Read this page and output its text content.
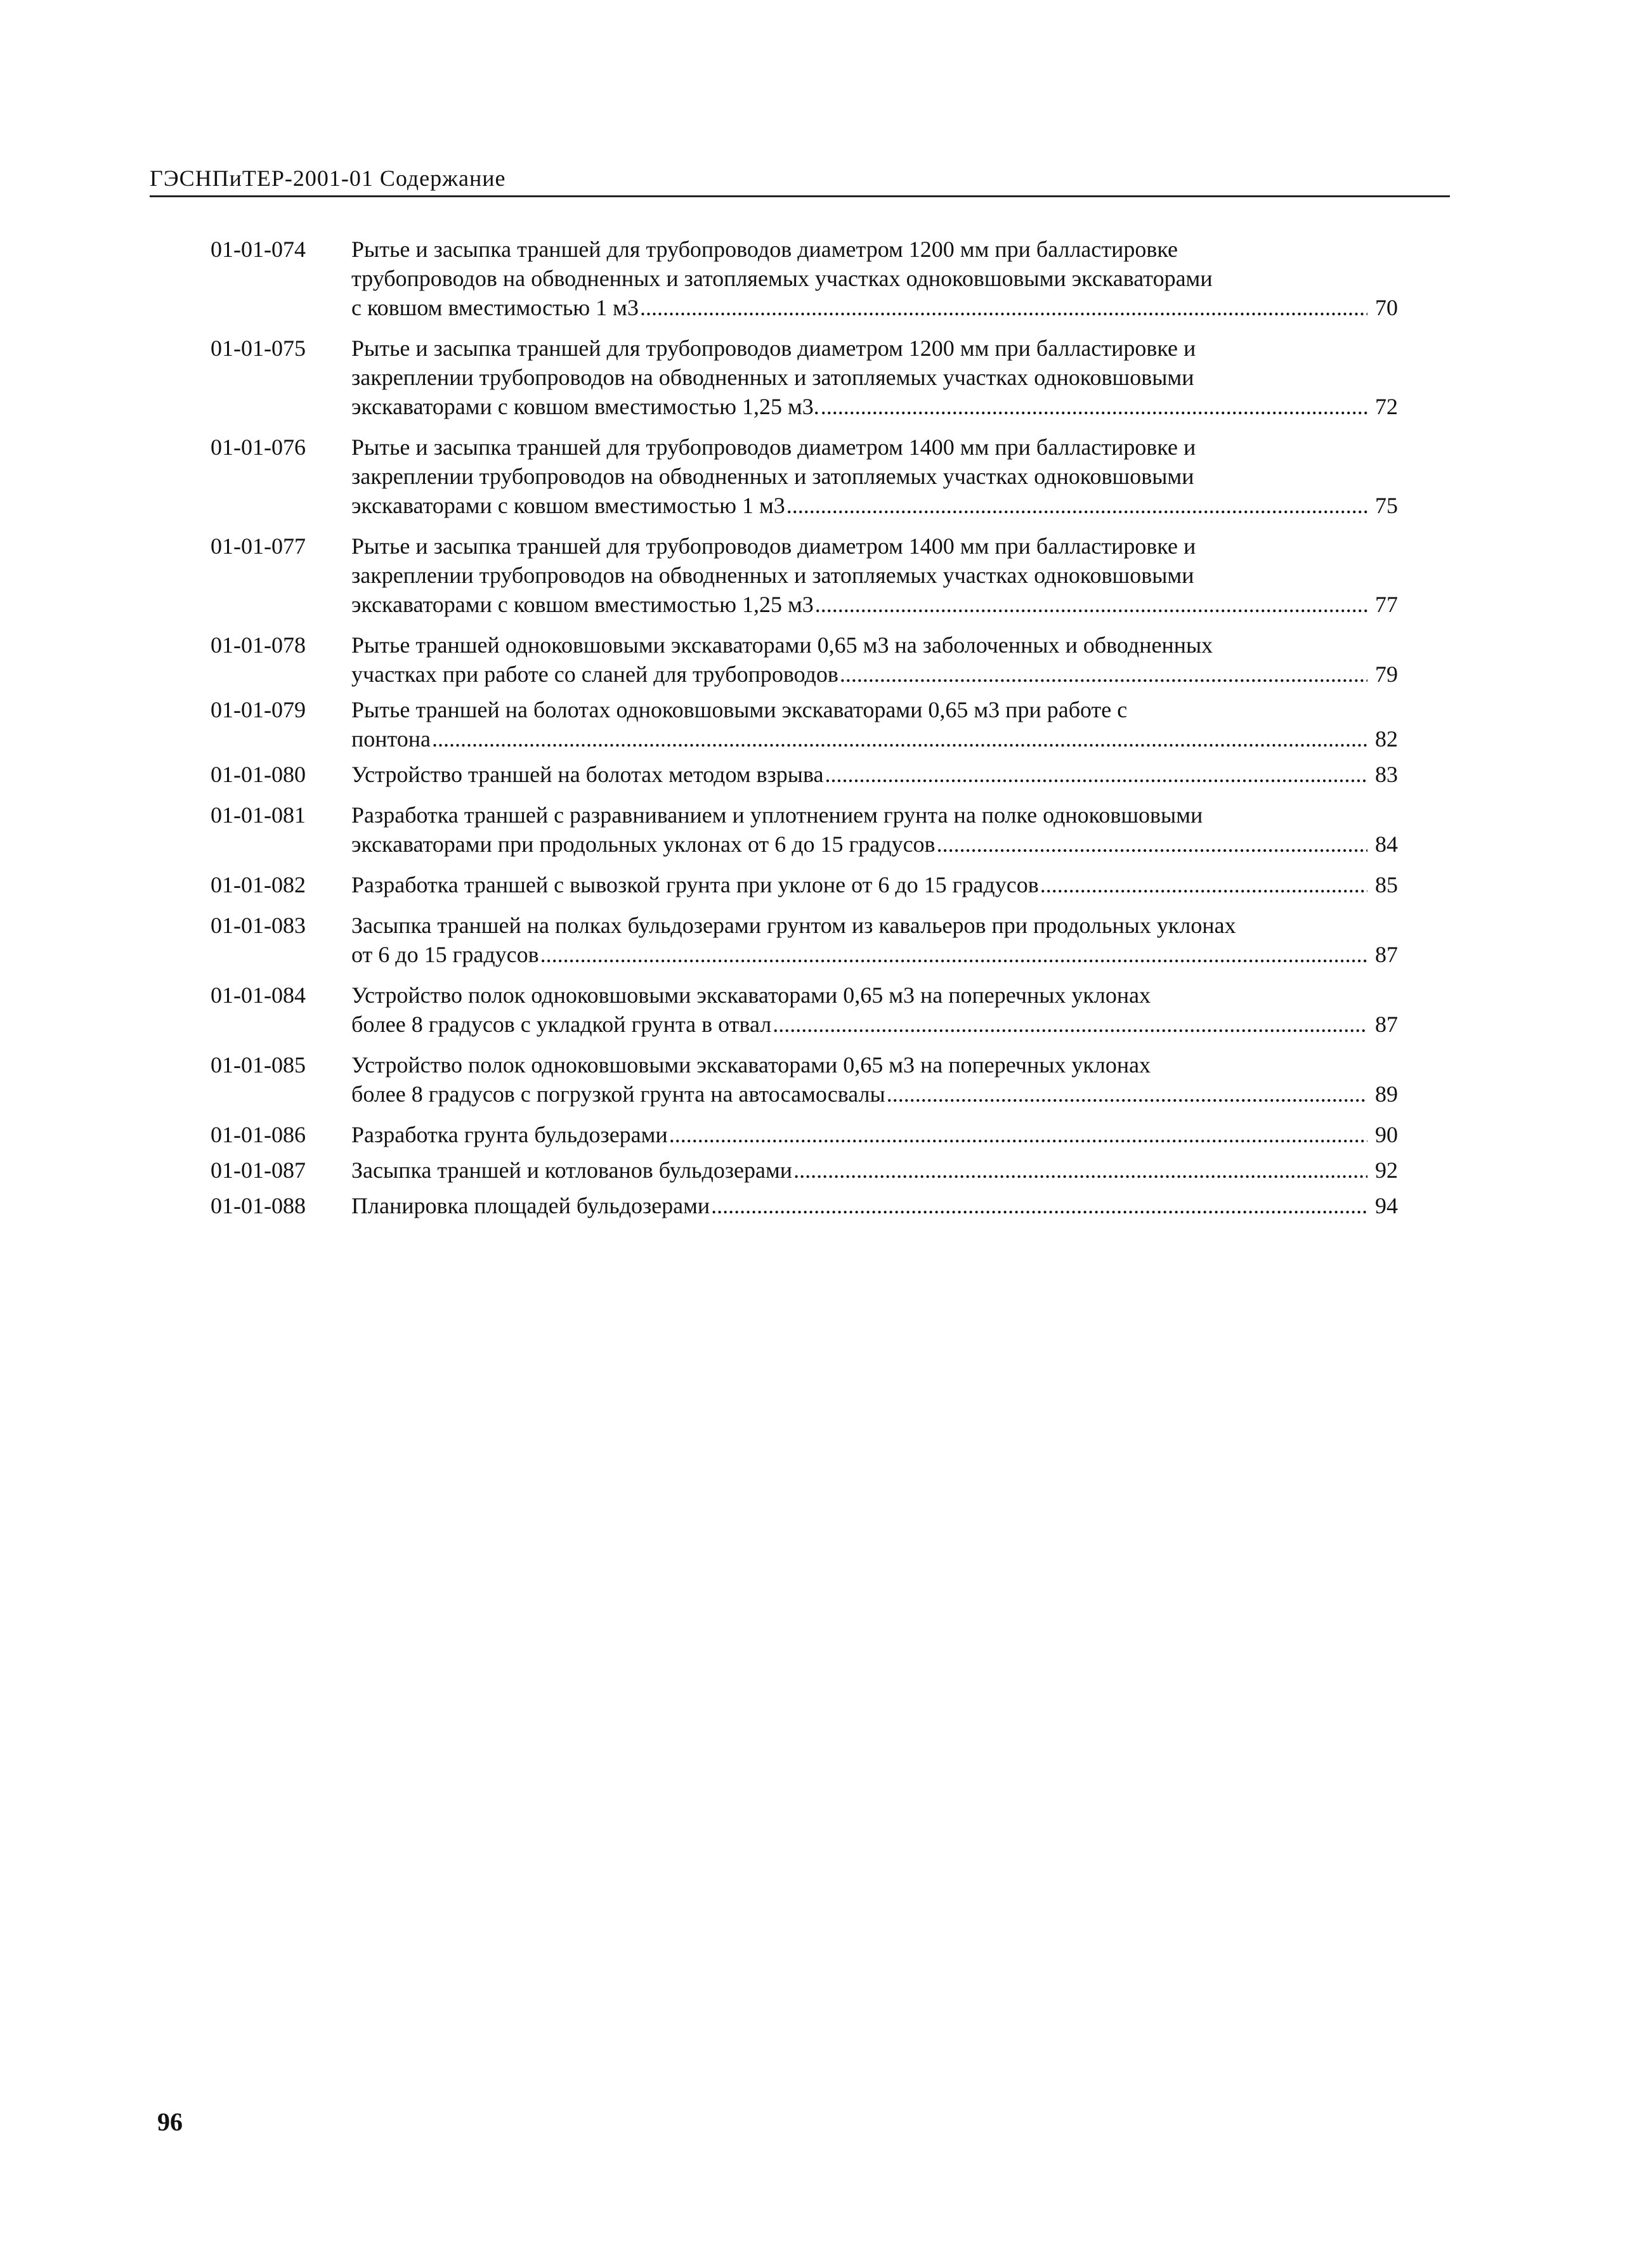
ГЭСНПиТЕР-2001-01 Содержание
01-01-074	Рытье и засыпка траншей для трубопроводов диаметром 1200 мм при балластировке
трубопроводов на обводненных и затопляемых участках одноковшовыми экскаваторами
с ковшом вместимостью 1 м3 .....	70
01-01-075	Рытье и засыпка траншей для трубопроводов диаметром 1200 мм при балластировке и
закреплении трубопроводов на обводненных и затопляемых участках одноковшовыми
экскаваторами с ковшом вместимостью 1,25 м3. .....	72
01-01-076	Рытье и засыпка траншей для трубопроводов диаметром 1400 мм при балластировке и
закреплении трубопроводов на обводненных и затопляемых участках одноковшовыми
экскаваторами с ковшом вместимостью 1 м3 .....	75
01-01-077	Рытье и засыпка траншей для трубопроводов диаметром 1400 мм при балластировке и
закреплении трубопроводов на обводненных и затопляемых участках одноковшовыми
экскаваторами с ковшом вместимостью 1,25 м3 .....	77
01-01-078	Рытье траншей одноковшовыми экскаваторами 0,65 м3 на заболоченных и обводненных
участках при работе со сланей для трубопроводов .....	79
01-01-079	Рытье траншей на болотах одноковшовыми экскаваторами 0,65 м3 при работе с
понтона .....	82
01-01-080	Устройство траншей на болотах методом взрыва .....	83
01-01-081	Разработка траншей с разравниванием и уплотнением грунта на полке одноковшовыми
экскаваторами при продольных уклонах от 6 до 15 градусов .....	84
01-01-082	Разработка траншей с вывозкой грунта при уклоне от 6 до 15 градусов .....	85
01-01-083	Засыпка траншей на полках бульдозерами грунтом из кавальеров при продольных уклонах
от 6 до 15 градусов .....	87
01-01-084	Устройство полок одноковшовыми экскаваторами 0,65 м3 на поперечных уклонах
более 8 градусов с укладкой грунта в отвал .....	87
01-01-085	Устройство полок одноковшовыми экскаваторами 0,65 м3 на поперечных уклонах
более 8 градусов с погрузкой грунта на автосамосвалы .....	89
01-01-086	Разработка грунта бульдозерами .....	90
01-01-087	Засыпка траншей и котлованов бульдозерами .....	92
01-01-088	Планировка площадей бульдозерами .....	94
96
